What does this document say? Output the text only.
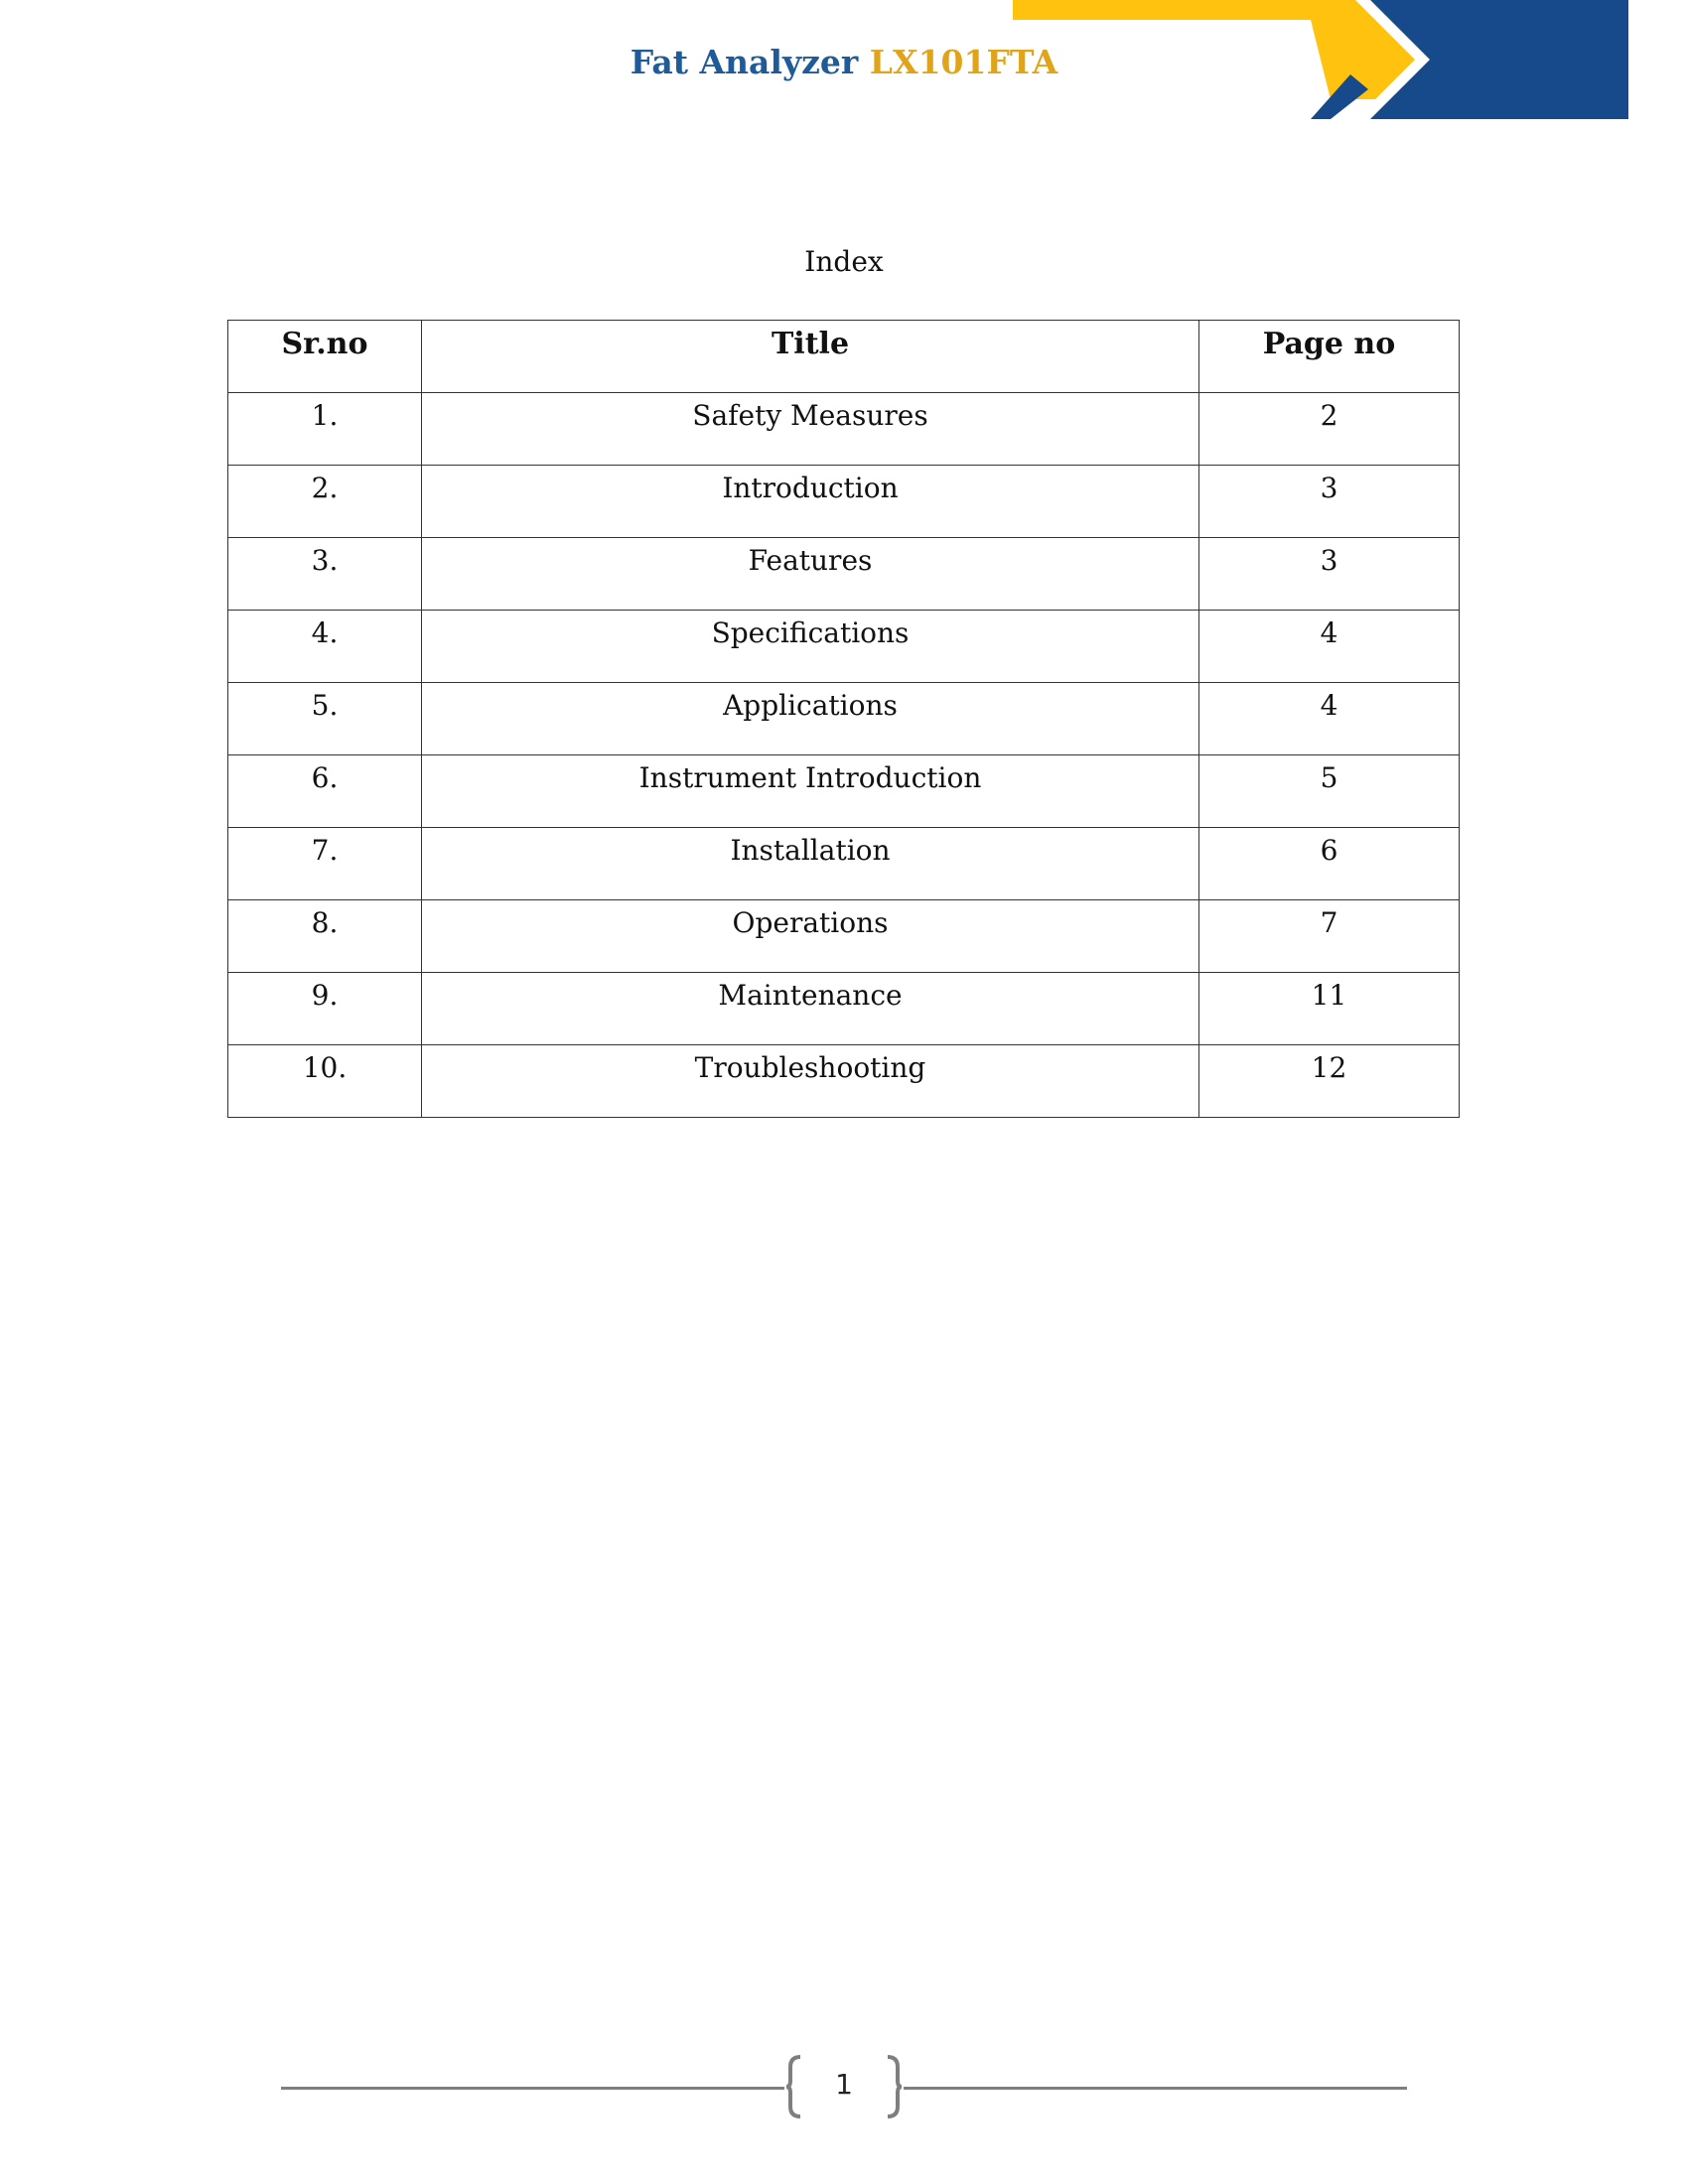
Fat Analyzer LX101FTA
Index
Sr.no	Title	Page no
1.	Safety Measures	2
2.	Introduction	3
3.	Features	3
4.	Specifications	4
5.	Applications	4
6.	Instrument Introduction	5
7.	Installation	6
8.	Operations	7
9.	Maintenance	11
10.	Troubleshooting	12
1
